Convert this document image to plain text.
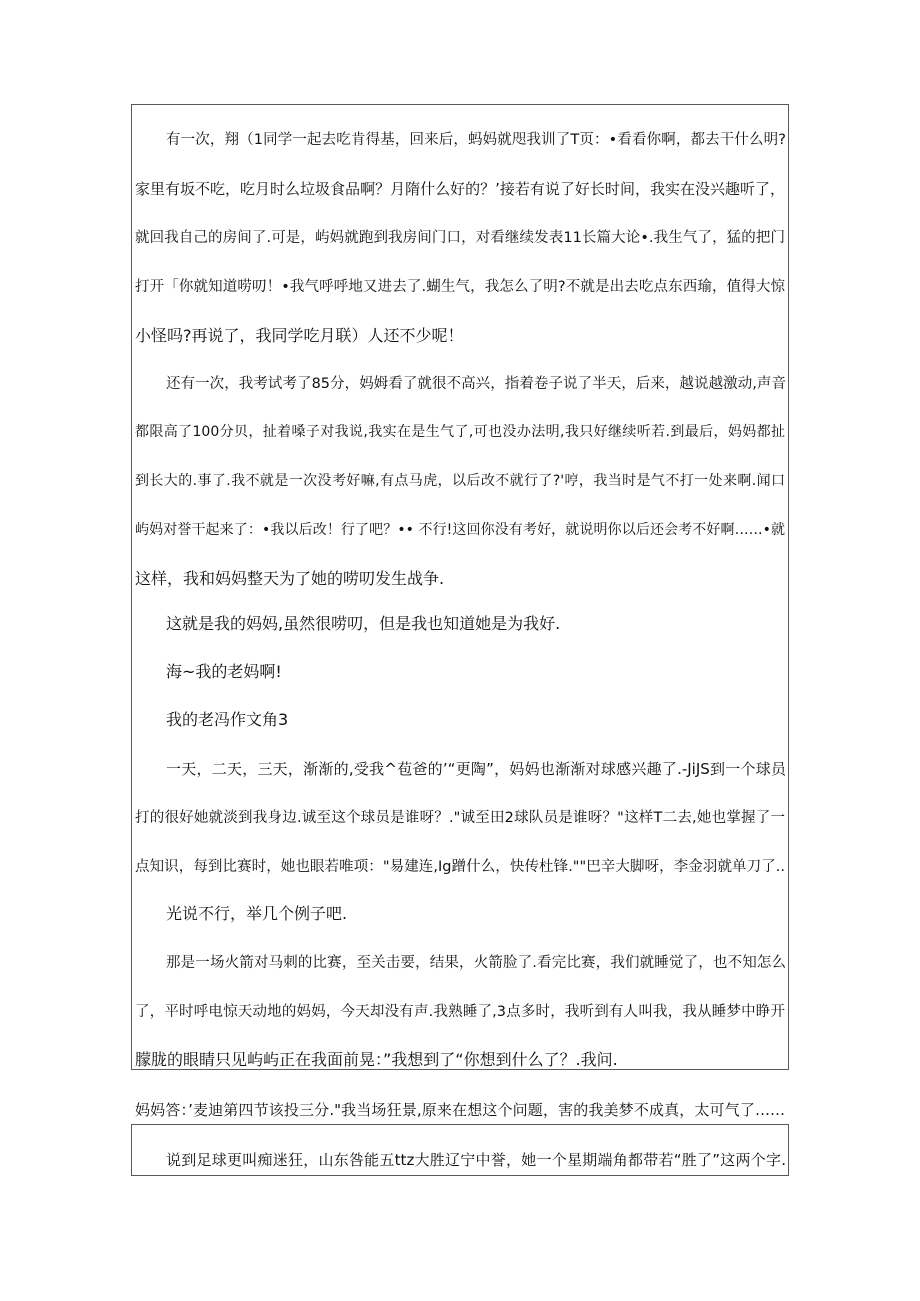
有一次，翔（1同学一起去吃肯得基，回来后，蚂妈就咫我训了T页：•看看你啊，都去干什么明?

家里有坂不吃，吃月时么垃圾食品啊？月隋什么好的？’接若有说了好长时间，我实在没兴趣听了，

就回我自己的房间了.可是，屿妈就跑到我房间门口，对看继续发表11长篇大论•.我生气了，猛的把门

打开「你就知道唠叨！•我气呼呼地又进去了.蝴生气，我怎么了明?不就是出去吃点东西瑜，值得大惊

小怪吗?再说了，我同学吃月联）人还不少呢！

还有一次，我考试考了85分，妈姆看了就很不高兴，指着卷子说了半天，后来，越说越激动,声音

都限高了100分贝，扯着嗓子对我说,我实在是生气了,可也没办法明,我只好继续听若.到最后，妈妈都扯

到长大的.事了.我不就是一次没考好嘛,有点马虎，以后改不就行了?'哼，我当时是气不打一处来啊.闻口

屿妈对誉干起来了：•我以后改！行了吧？•• 不行!这回你没有考好，就说明你以后还会考不好啊……•就

这样，我和妈妈整天为了她的唠叨发生战争.

这就是我的妈妈,虽然很唠叨，但是我也知道她是为我好.

海~我的老妈啊!

我的老冯作文角3

一天，二天，三天，渐渐的,受我^苞爸的’“更陶”，妈妈也渐渐对球感兴趣了.-JiJS到一个球员

打的很好她就淡到我身边.诚至这个球员是谁呀？."诚至田2球队员是谁呀？"这样T二去,她也掌握了一

点知识，每到比赛时，她也眼若唯项："易建连,Ig蹭什么，快传杜锋.""巴辛大脚呀，李金羽就单刀了..

光说不行，举几个例子吧.

那是一场火箭对马刺的比赛，至关击要，结果，火箭脸了.看完比赛，我们就睡觉了，也不知怎么

了，平时呼电惊天动地的妈妈，今天却没有声.我熟睡了,3点多时，我听到有人叫我，我从睡梦中睁开

朦胧的眼睛只见屿屿正在我面前晃：”我想到了“你想到什么了？.我问.

妈妈答：’麦迪第四节该投三分."我当场狂景,原来在想这个问题，害的我美梦不成真，太可气了……

说到足球更叫痴迷狂，山东咎能五ttz大胜辽宁中誉，她一个星期端角都带若“胜了”这两个字.
